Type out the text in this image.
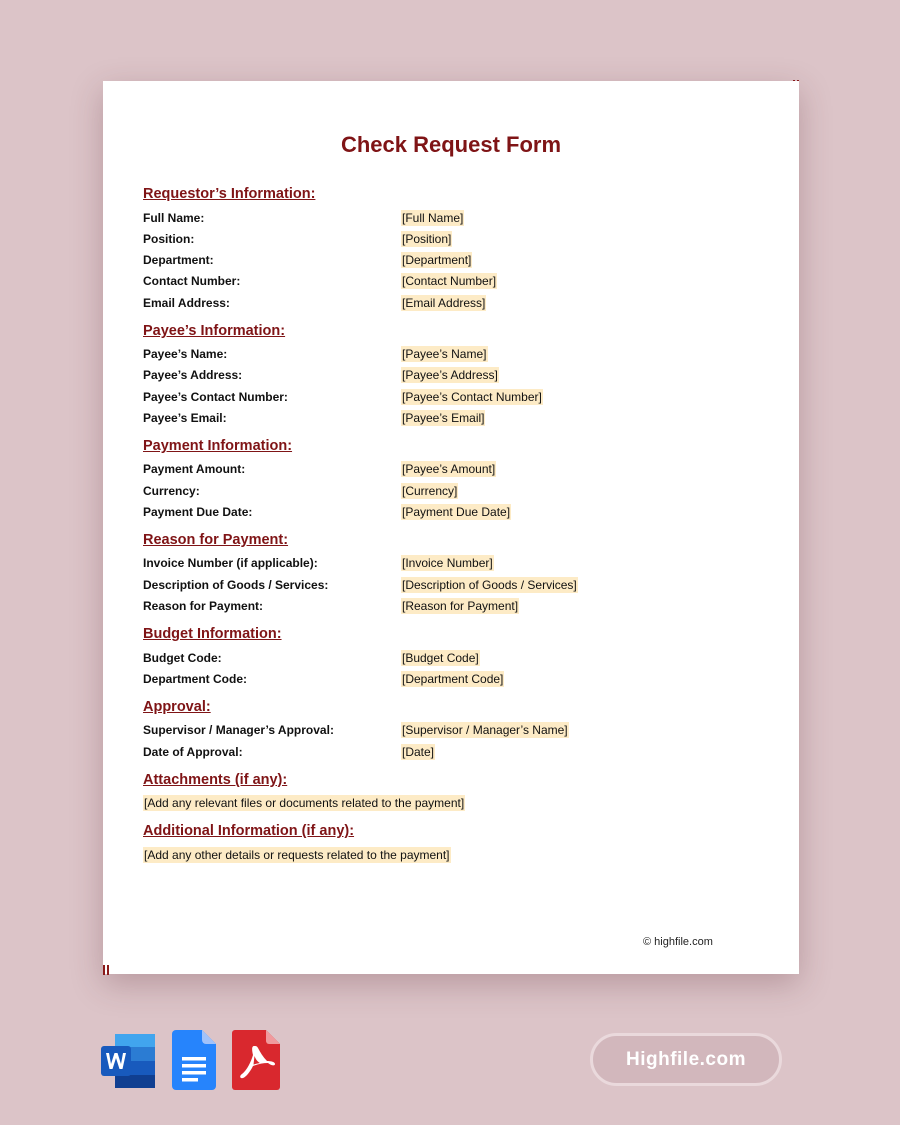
Check Request Form
Requestor’s Information:
Full Name:	[Full Name]
Position:	[Position]
Department:	[Department]
Contact Number:	[Contact Number]
Email Address:	[Email Address]
Payee’s Information:
Payee’s Name:	[Payee’s Name]
Payee’s Address:	[Payee’s Address]
Payee’s Contact Number:	[Payee’s Contact Number]
Payee’s Email:	[Payee’s Email]
Payment Information:
Payment Amount:	[Payee’s Amount]
Currency:	[Currency]
Payment Due Date:	[Payment Due Date]
Reason for Payment:
Invoice Number (if applicable):	[Invoice Number]
Description of Goods / Services:	[Description of Goods / Services]
Reason for Payment:	[Reason for Payment]
Budget Information:
Budget Code:	[Budget Code]
Department Code:	[Department Code]
Approval:
Supervisor / Manager’s Approval:	[Supervisor / Manager’s Name]
Date of Approval:	[Date]
Attachments (if any):
[Add any relevant files or documents related to the payment]
Additional Information (if any):
[Add any other details or requests related to the payment]
© highfile.com
Highfile.com
